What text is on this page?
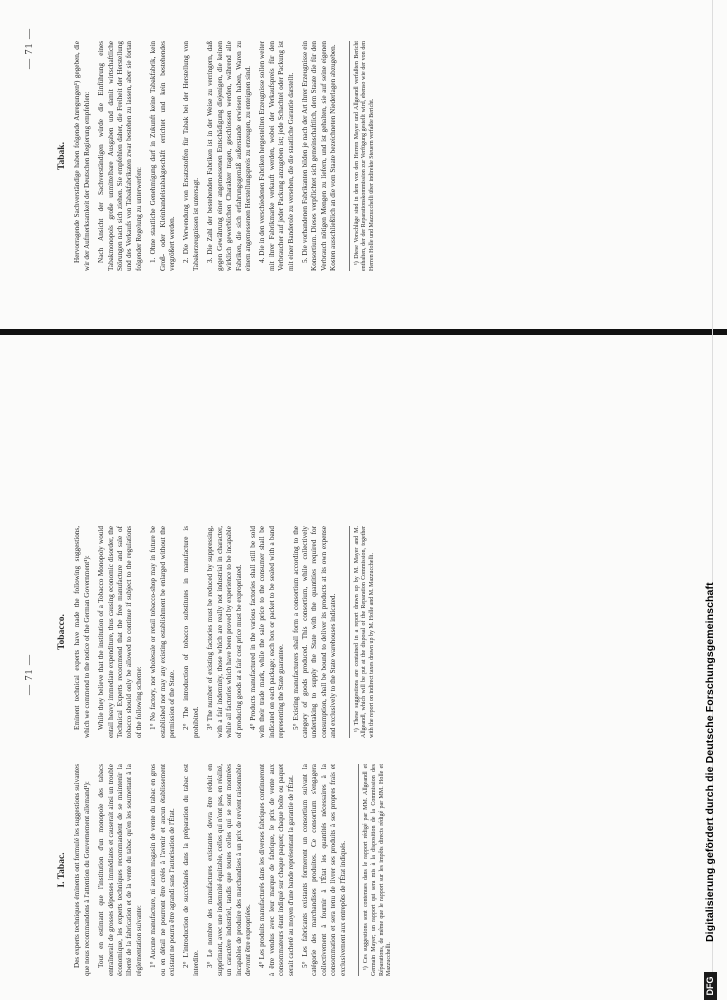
— 71 —
I. Tabac. Des experts techniques éminents ont formulé les suggestions suivantes que nous recommandons à l'attention du Gouvernement allemand¹): Tout en estimant que l'institution d'un monopole des tabacs entraînerait de grosses dépenses immédiates et causerait ainsi un trouble économique, les experts techniques recommandent de se maintenir la liberté de la fabrication et de la vente du tabac qu'en les soumettant à la réglementation suivante: 1° Aucune manufacture, ni aucun magasin de vente du tabac en gros ou en détail ne pourront être créés à l'avenir et aucun établissement existant ne pourra être agrandi sans l'autorisation de l'État. 2° L'introduction de succédanés dans la préparation du tabac est interdite. 3° Le nombre des manufactures existantes devra être réduit en supprimant, avec une indemnité équitable, celles qui n'ont pas, en réalité, un caractère industriel, tandis que toutes celles qui se sont montrées incapables de produire des marchandises à un prix de revient raisonnable devront être expropriées. 4° Les produits manufacturés dans les diverses fabriques continueront à être vendus avec leur marque de fabrique, le prix de vente aux consommateurs étant indiqué sur chaque paquet; chaque boîte ou paquet serait cacheté au moyen d'une bande représentant la garantie de l'État. 5° Les fabricants existants formeront un consortium suivant la catégorie des marchandises produites. Ce consortium s'engagera collectivement à fournir à l'État les quantités nécessaires à la consommation et sera tenu de livrer ses produits à ses propres frais et exclusivement aux entrepôts de l'État indiqués.	¹) Ces suggestions sont contenues dans le rapport rédigé par MM. Allgeandl et Germain Mayer; un rapport qui sera mis à la disposition de la Commission des Réparations, de même que le rapport sur les impôts directs rédigé par MM. Holle et Mazzucchelli.

Tobacco. Eminent technical experts have made the following suggestions, which we commend to the notice of the German Government¹): While they believe that the institution of a Tobacco Monopoly would entail heavy immediate expenditure, thus causing economic disorder, the Technical Experts recommend that the free manufacture and sale of tobacco should only be allowed to continue if subject to the regulations of the following scheme: 1° No factory, nor wholesale or retail tobacco-shop may in future be established nor may any existing establishment be enlarged without the permission of the State. 2° The introduction of tobacco substitutes in manufacture is prohibited. 3° The number of existing factories must be reduced by suppressing, with a fair indemnity, those which are really not industrial in character, while all factories which have been proved by experience to be incapable of producing goods at a fair cost price must be expropriated. 4° Products manufactured in the various factories shall still be sold with their trade mark, while the sale price to the consumer shall be indicated on each package; each box or packet to be sealed with a band representing the State guarantee. 5° Existing manufacturers shall form a consortium according to the category of goods produced. This consortium, while collectively undertaking to supply the State with the quantities required for consumption, shall be bound to deliver its products at its own expense and exclusively to the State warehouses indicated.	¹) These suggestions are contained in a report drawn up by M. Mayer and M. Allgeandl, which will be put at the disposal of the Reparation Commission, together with the report on indirect taxes drawn up by M. Holle and M. Mazzucchelli.

— 71 —
Tabak. Hervorragende Sachverständige haben folgende Anregungen¹) gegeben, die wir der Aufmerksamkeit der Deutschen Regierung empfehlen: Nach Ansicht der Sachverständigen würde die Einführung eines Tabakmonopols große unmittelbare Ausgaben und damit wirtschaftliche Störungen nach sich ziehen. Sie empfehlen daher, die Freiheit der Herstellung und des Verkaufs von Tabakfabrikaten zwar bestehen zu lassen, aber sie fortan folgender Regelung zu unterwerfen: 1. Ohne staatliche Genehmigung darf in Zukunft keine Tabakfabrik, kein Groß- oder Kleinhandelstabakgeschäft errichtet und kein bestehendes vergrößert werden. 2. Die Verwendung von Ersatzstoffen für Tabak bei der Herstellung von Tabakerzeugnissen ist untersagt. 3. Die Zahl der bestehenden Fabriken ist in der Weise zu verringern, daß gegen Gewährung einer angemessenen Entschädigung diejenigen, die keinen wirklich gewerblichen Charakter tragen, geschlossen werden, während alle Fabriken, die sich erfahrungsgemäß außerstande erwiesen haben, Waren zu einem angemessenen Herstellungspreis zu erzeugen, zu enteignen sind. 4. Die in den verschiedenen Fabriken hergestellten Erzeugnisse sollen weiter mit ihrer Fabrikmarke verkauft werden, wobei der Verkaufspreis für den Verbraucher auf jeder Packung anzugeben ist; jede Schachtel oder Packung ist mit einer Banderole zu versehen, die die staatliche Garantie darstellt. 5. Die vorhandenen Fabrikanten bilden je nach der Art ihrer Erzeugnisse ein Konsortium. Dieses verpflichtet sich gemeinschaftlich, dem Staate die für den Verbrauch nötigen Mengen zu liefern, und ist gehalten, sie auf seine eigenen Kosten ausschließlich an die vom Staate bezeichneten Niederlagen abzugeben.	¹) Diese Vorschläge sind in dem von den Herren Mayer und Allgeandl verfaßten Bericht enthalten, der der Reparationskommission zur Verfügung gestellt wird, ebenso wie der von den Herren Holle und Mazzucchelli über indirekte Steuern verfaßte Bericht.

Digitalisierung gefördert durch die Deutsche Forschungsgemeinschaft
DFG
